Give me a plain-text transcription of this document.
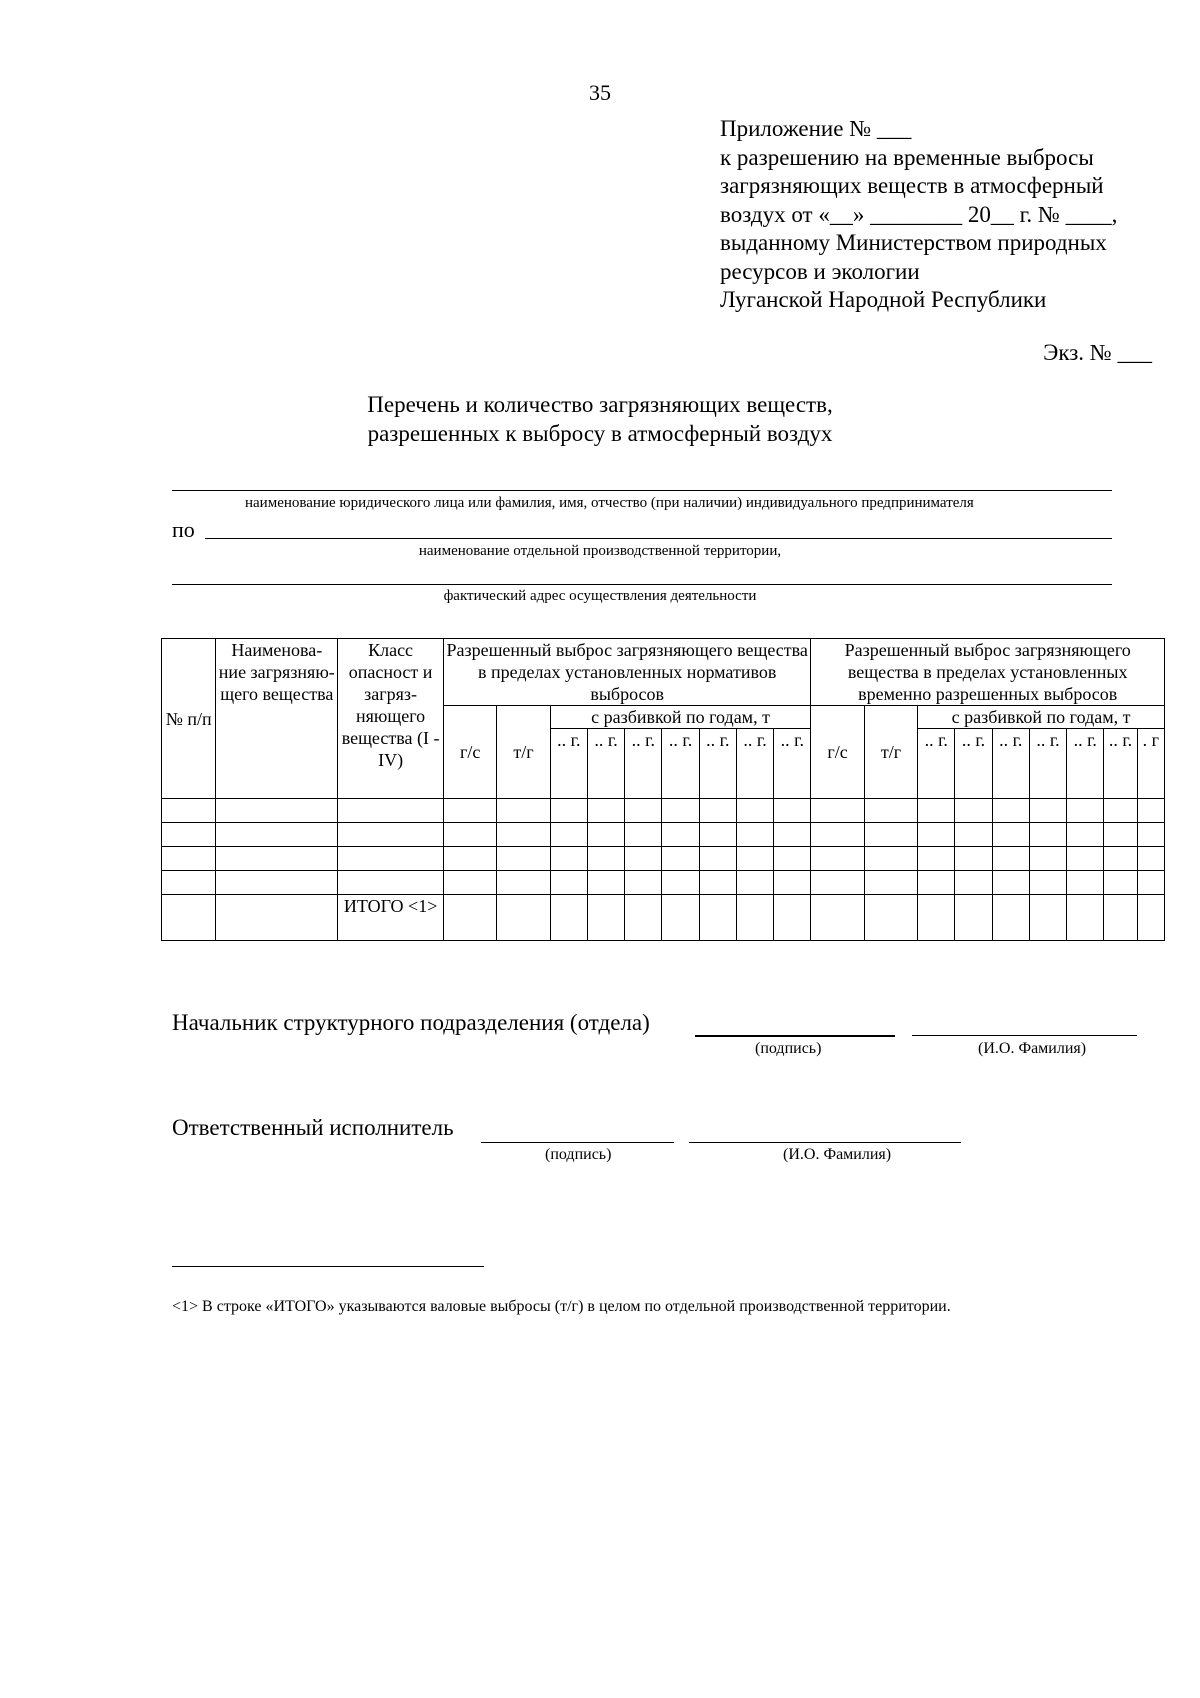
35
Приложение № ___
к разрешению на временные выбросы
загрязняющих веществ в атмосферный
воздух от «__» ________ 20__ г. № ____,
выданному Министерством природных
ресурсов и экологии
Луганской Народной Республики
Экз. № ___
Перечень и количество загрязняющих веществ,
разрешенных к выбросу в атмосферный воздух
наименование юридического лица или фамилия, имя, отчество (при наличии) индивидуального предпринимателя
по
наименование отдельной производственной территории,
фактический адрес осуществления деятельности
№ п/п	Наименова- ние загрязняю- щего вещества	Класс опасност и загряз- няющего вещества (I - IV)	Разрешенный выброс загрязняющего вещества в пределах установленных нормативов выбросов									Разрешенный выброс загрязняющего вещества в пределах установленных временно разрешенных выбросов								
			г/с	т/г	с разбивкой по годам, т							г/с	т/г	с разбивкой по годам, т						
					.. г.	.. г.	.. г.	.. г.	.. г.	.. г.	.. г.			.. г.	.. г.	.. г.	.. г.	.. г.	.. г.	. г

		ИТОГО <1>																		
Начальник структурного подразделения (отдела)
(подпись)	(И.О. Фамилия)
Ответственный исполнитель
(подпись)	(И.О. Фамилия)
<1> В строке «ИТОГО» указываются валовые выбросы (т/г) в целом по отдельной производственной территории.
